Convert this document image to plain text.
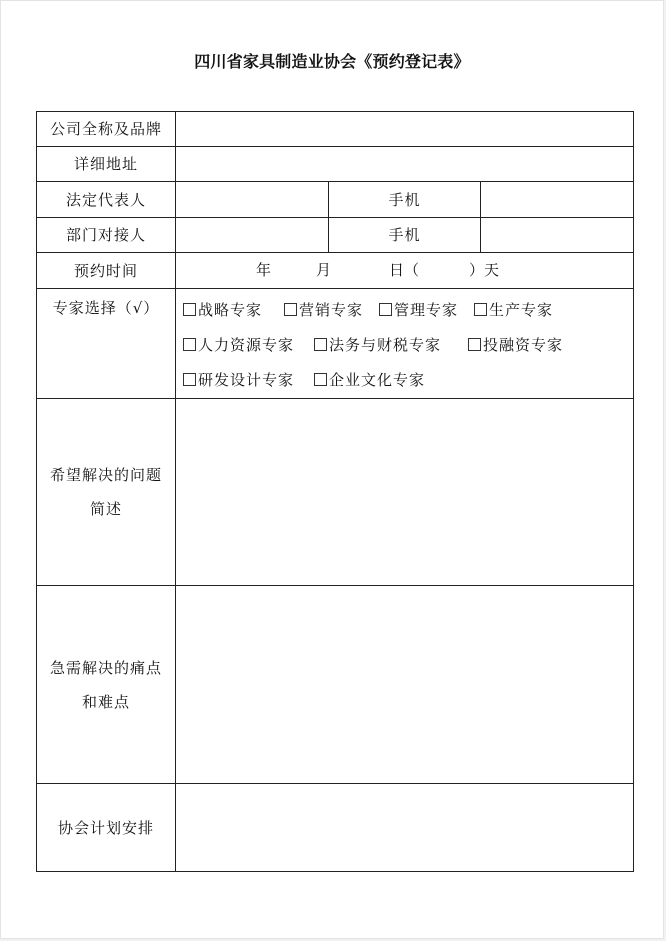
四川省家具制造业协会《预约登记表》
公司全称及品牌			
详细地址			
法定代表人		手机	
部门对接人		手机	
预约时间	年 月 日（ ）天		

专家选择（√）	战略专家 营销专家 管理专家 生产专家
人力资源专家 法务与财税专家 投融资专家
研发设计专家 企业文化专家		

希望解决的问题
简述			

急需解决的痛点
和难点			

协会计划安排			
